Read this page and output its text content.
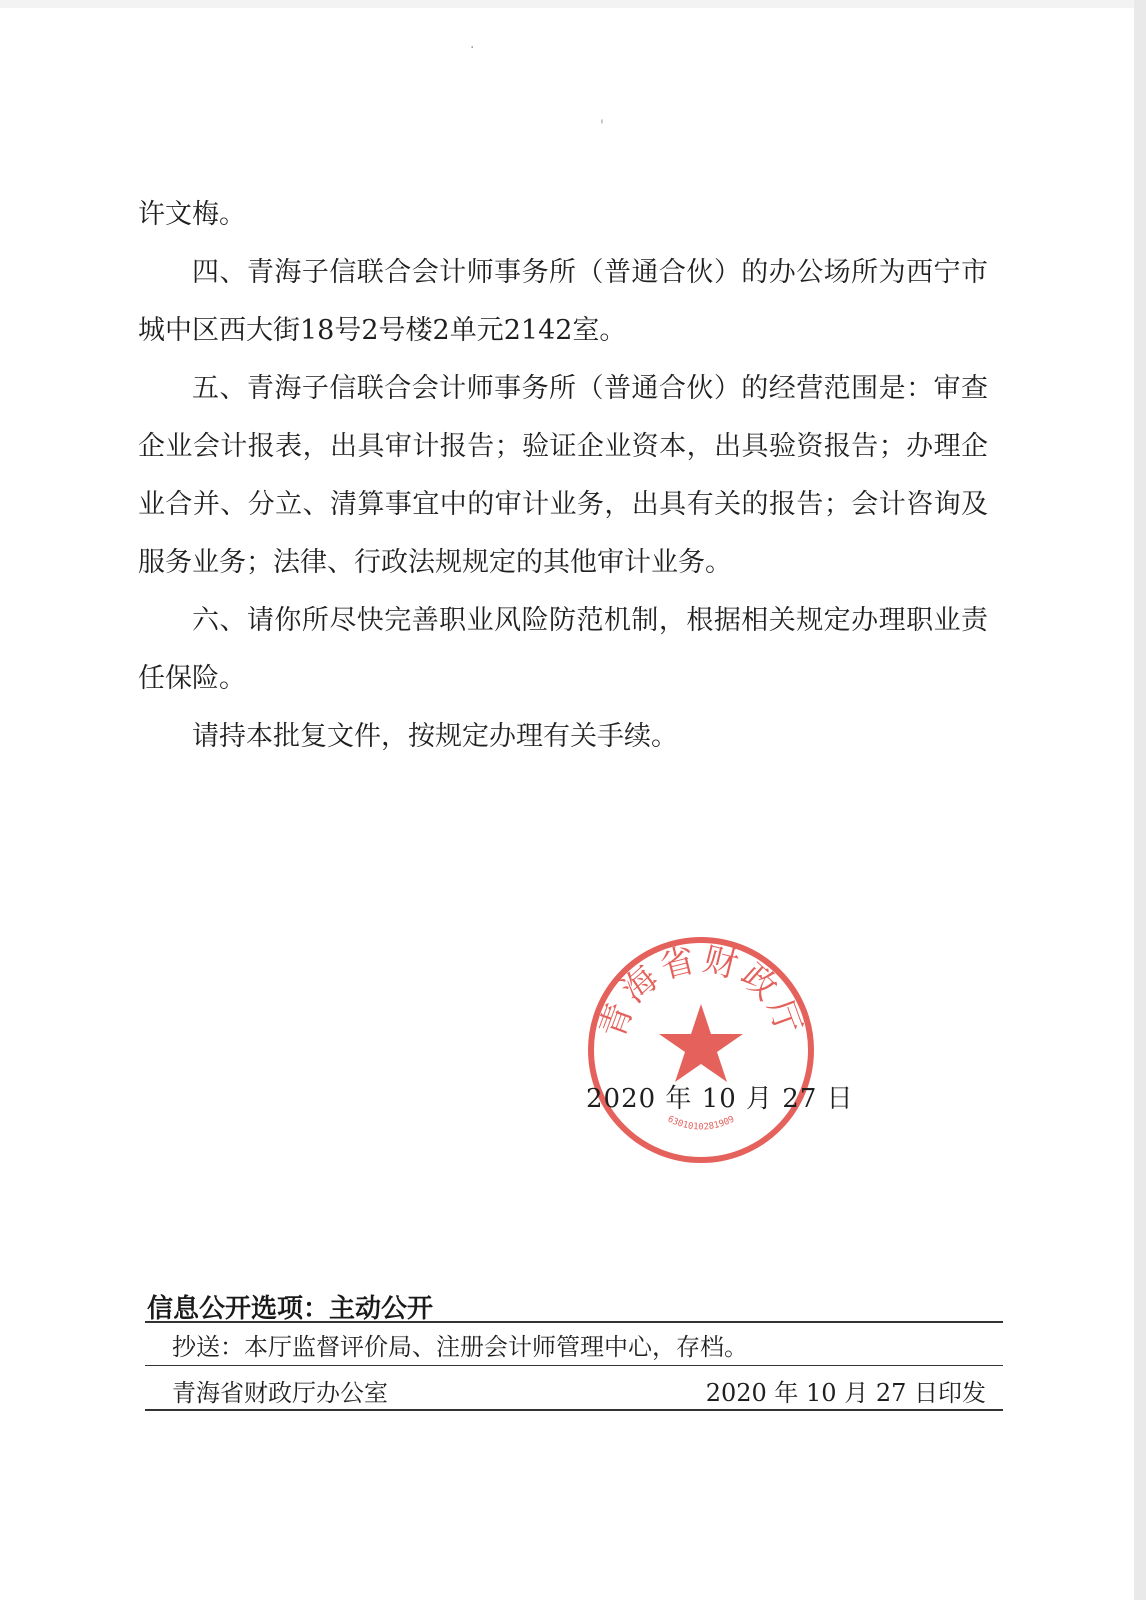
'
·

许文梅。

四、青海子信联合会计师事务所（普通合伙）的办公场所为西宁市城中区西大街18号2号楼2单元2142室。

五、青海子信联合会计师事务所（普通合伙）的经营范围是：审查企业会计报表，出具审计报告；验证企业资本，出具验资报告；办理企业合并、分立、清算事宜中的审计业务，出具有关的报告；会计咨询及服务业务；法律、行政法规规定的其他审计业务。

六、请你所尽快完善职业风险防范机制，根据相关规定办理职业责任保险。

请持本批复文件，按规定办理有关手续。

青海省财政厅
6301010281909
2020 年 10 月 27 日
信息公开选项：主动公开
抄送：本厅监督评价局、注册会计师管理中心，存档。
青海省财政厅办公室	2020 年 10 月 27 日印发
